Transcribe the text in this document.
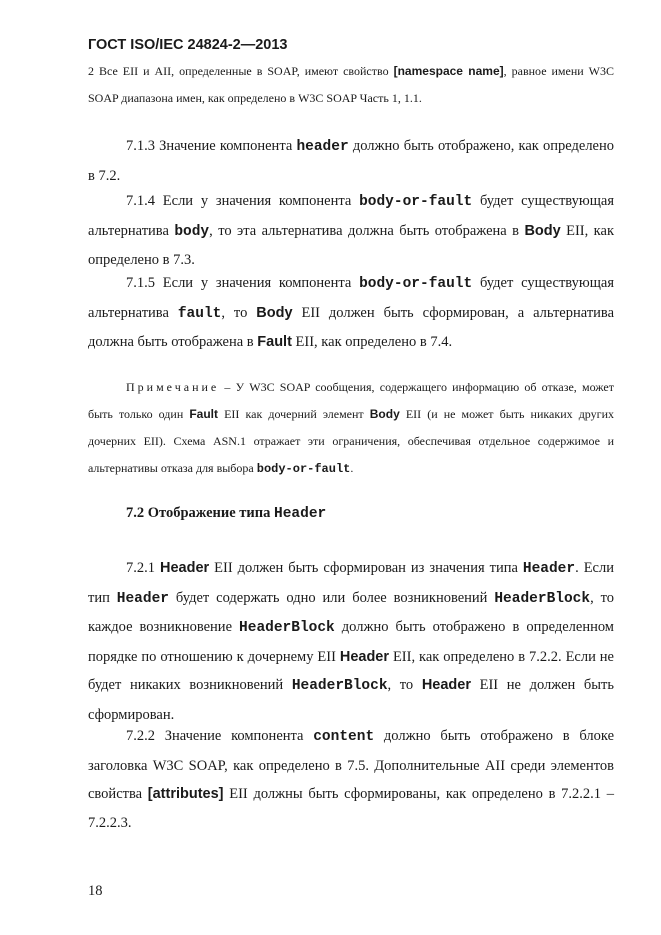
ГОСТ ISO/IEC 24824-2—2013
2 Все EII и AII, определенные в SOAP, имеют свойство [namespace name], равное имени W3C SOAP диапазона имен, как определено в W3C SOAP Часть 1, 1.1.
7.1.3 Значение компонента header должно быть отображено, как определено в 7.2.
7.1.4 Если у значения компонента body-or-fault будет существующая альтернатива body, то эта альтернатива должна быть отображена в Body EII, как определено в 7.3.
7.1.5 Если у значения компонента body-or-fault будет существующая альтернатива fault, то Body EII должен быть сформирован, а альтернатива должна быть отображена в Fault EII, как определено в 7.4.
Примечание – У W3C SOAP сообщения, содержащего информацию об отказе, может быть только один Fault EII как дочерний элемент Body EII (и не может быть никаких других дочерних EII). Схема ASN.1 отражает эти ограничения, обеспечивая отдельное содержимое и альтернативы отказа для выбора body-or-fault.
7.2 Отображение типа Header
7.2.1 Header EII должен быть сформирован из значения типа Header. Если тип Header будет содержать одно или более возникновений HeaderBlock, то каждое возникновение HeaderBlock должно быть отображено в определенном порядке по отношению к дочернему EII Header EII, как определено в 7.2.2. Если не будет никаких возникновений HeaderBlock, то Header EII не должен быть сформирован.
7.2.2 Значение компонента content должно быть отображено в блоке заголовка W3C SOAP, как определено в 7.5. Дополнительные AII среди элементов свойства [attributes] EII должны быть сформированы, как определено в 7.2.2.1 – 7.2.2.3.
18
